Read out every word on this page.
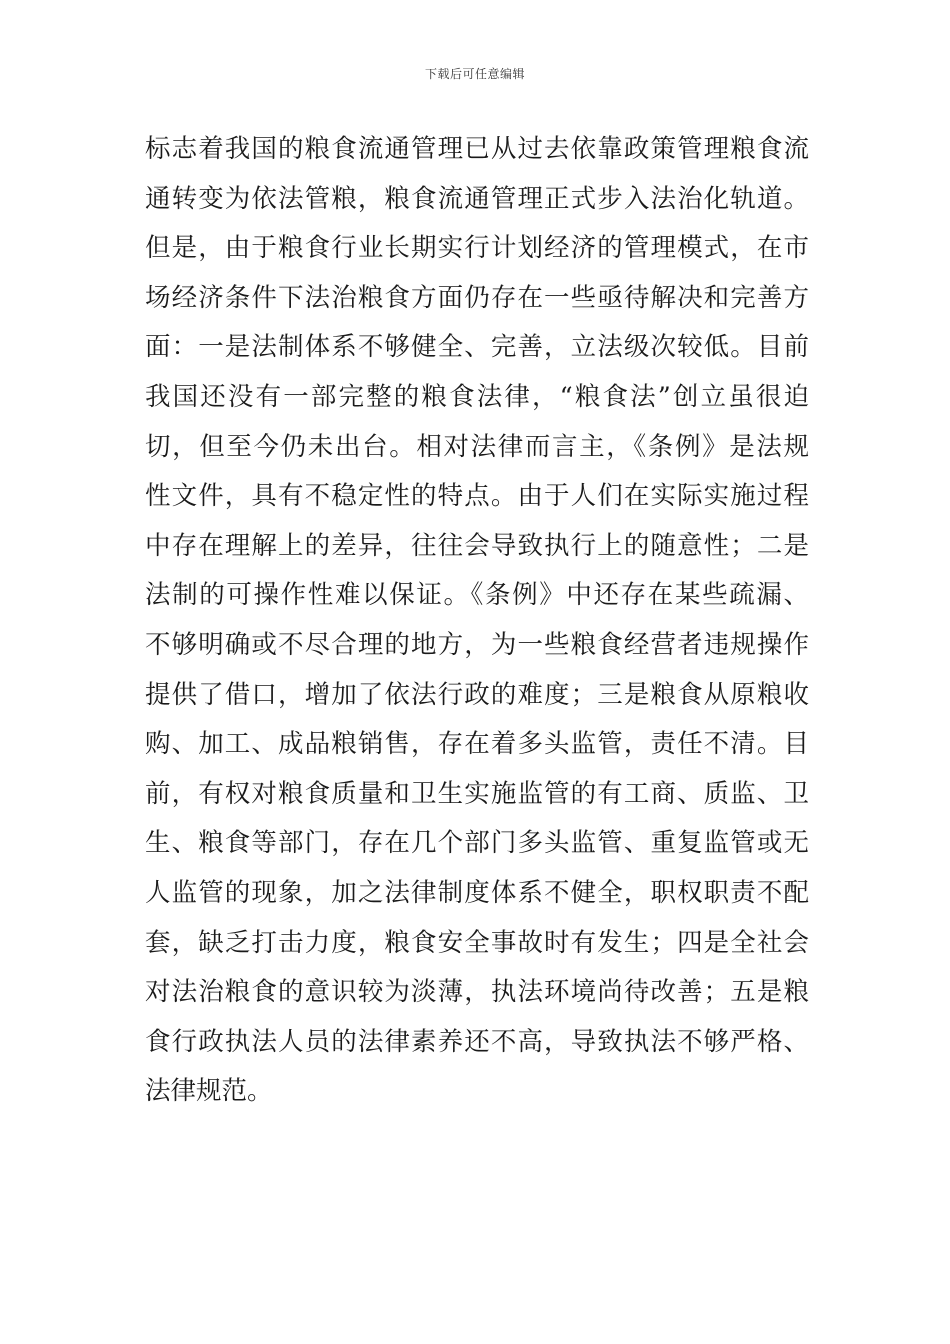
下载后可任意编辑
标志着我国的粮食流通管理已从过去依靠政策管理粮食流
通转变为依法管粮，粮食流通管理正式步入法治化轨道。
但是，由于粮食行业长期实行计划经济的管理模式，在市
场经济条件下法治粮食方面仍存在一些亟待解决和完善方
面：一是法制体系不够健全、完善，立法级次较低。目前
我国还没有一部完整的粮食法律，“粮食法”创立虽很迫
切，但至今仍未出台。相对法律而言主，《条例》是法规
性文件，具有不稳定性的特点。由于人们在实际实施过程
中存在理解上的差异，往往会导致执行上的随意性；二是
法制的可操作性难以保证。《条例》中还存在某些疏漏、
不够明确或不尽合理的地方，为一些粮食经营者违规操作
提供了借口，增加了依法行政的难度；三是粮食从原粮收
购、加工、成品粮销售，存在着多头监管，责任不清。目
前，有权对粮食质量和卫生实施监管的有工商、质监、卫
生、粮食等部门，存在几个部门多头监管、重复监管或无
人监管的现象，加之法律制度体系不健全，职权职责不配
套，缺乏打击力度，粮食安全事故时有发生；四是全社会
对法治粮食的意识较为淡薄，执法环境尚待改善；五是粮
食行政执法人员的法律素养还不高，导致执法不够严格、
法律规范。
